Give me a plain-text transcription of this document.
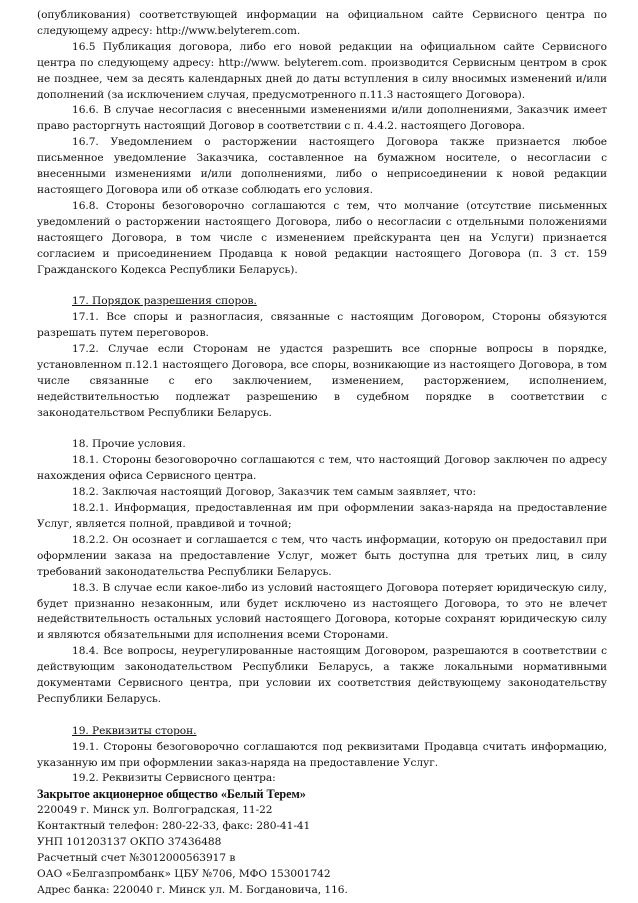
(опубликования) соответствующей информации на официальном сайте Сервисного центра по следующему адресу: http://www.belyterem.com.

16.5 Публикация договора, либо его новой редакции на официальном сайте Сервисного центра по следующему адресу: http://www. belyterem.com. производится Сервисным центром в срок не позднее, чем за десять календарных дней до даты вступления в силу вносимых изменений и/или дополнений (за исключением случая, предусмотренного п.11.3 настоящего Договора).

16.6. В случае несогласия с внесенными изменениями и/или дополнениями, Заказчик имеет право расторгнуть настоящий Договор в соответствии с п. 4.4.2. настоящего Договора.

16.7. Уведомлением о расторжении настоящего Договора также признается любое письменное уведомление Заказчика, составленное на бумажном носителе, о несогласии с внесенными изменениями и/или дополнениями, либо о неприсоединении к новой редакции настоящего Договора или об отказе соблюдать его условия.

16.8. Стороны безоговорочно соглашаются с тем, что молчание (отсутствие письменных уведомлений о расторжении настоящего Договора, либо о несогласии с отдельными положениями настоящего Договора, в том числе с изменением прейскуранта цен на Услуги) признается согласием и присоединением Продавца к новой редакции настоящего Договора (п. 3 ст. 159 Гражданского Кодекса Республики Беларусь).

17. Порядок разрешения споров.

17.1. Все споры и разногласия, связанные с настоящим Договором, Стороны обязуются разрешать путем переговоров.

17.2. Случае если Сторонам не удастся разрешить все спорные вопросы в порядке, установленном п.12.1 настоящего Договора, все споры, возникающие из настоящего Договора, в том числе связанные с его заключением, изменением, расторжением, исполнением, недействительностью подлежат разрешению в судебном порядке в соответствии с законодательством Республики Беларусь.

18. Прочие условия.

18.1. Стороны безоговорочно соглашаются с тем, что настоящий Договор заключен по адресу нахождения офиса Сервисного центра.

18.2. Заключая настоящий Договор, Заказчик тем самым заявляет, что:

18.2.1. Информация, предоставленная им при оформлении заказ-наряда на предоставление Услуг, является полной, правдивой и точной;

18.2.2. Он осознает и соглашается с тем, что часть информации, которую он предоставил при оформлении заказа на предоставление Услуг, может быть доступна для третьих лиц, в силу требований законодательства Республики Беларусь.

18.3. В случае если какое-либо из условий настоящего Договора потеряет юридическую силу, будет признанно незаконным, или будет исключено из настоящего Договора, то это не влечет недействительность остальных условий настоящего Договора, которые сохранят юридическую силу и являются обязательными для исполнения всеми Сторонами.

18.4. Все вопросы, неурегулированные настоящим Договором, разрешаются в соответствии с действующим законодательством Республики Беларусь, а также локальными нормативными документами Сервисного центра, при условии их соответствия действующему законодательству Республики Беларусь.

19. Реквизиты сторон.

19.1. Стороны безоговорочно соглашаются под реквизитами Продавца считать информацию, указанную им при оформлении заказ-наряда на предоставление Услуг.

19.2. Реквизиты Сервисного центра:

Закрытое акционерное общество «Белый Терем»

220049 г. Минск ул. Волгоградская, 11-22

Контактный телефон: 280-22-33, факс: 280-41-41

УНП 101203137 ОКПО 37436488

Расчетный счет №3012000563917 в

ОАО «Белгазпромбанк» ЦБУ №706, МФО 153001742

Адрес банка: 220040 г. Минск ул. М. Богдановича, 116.
